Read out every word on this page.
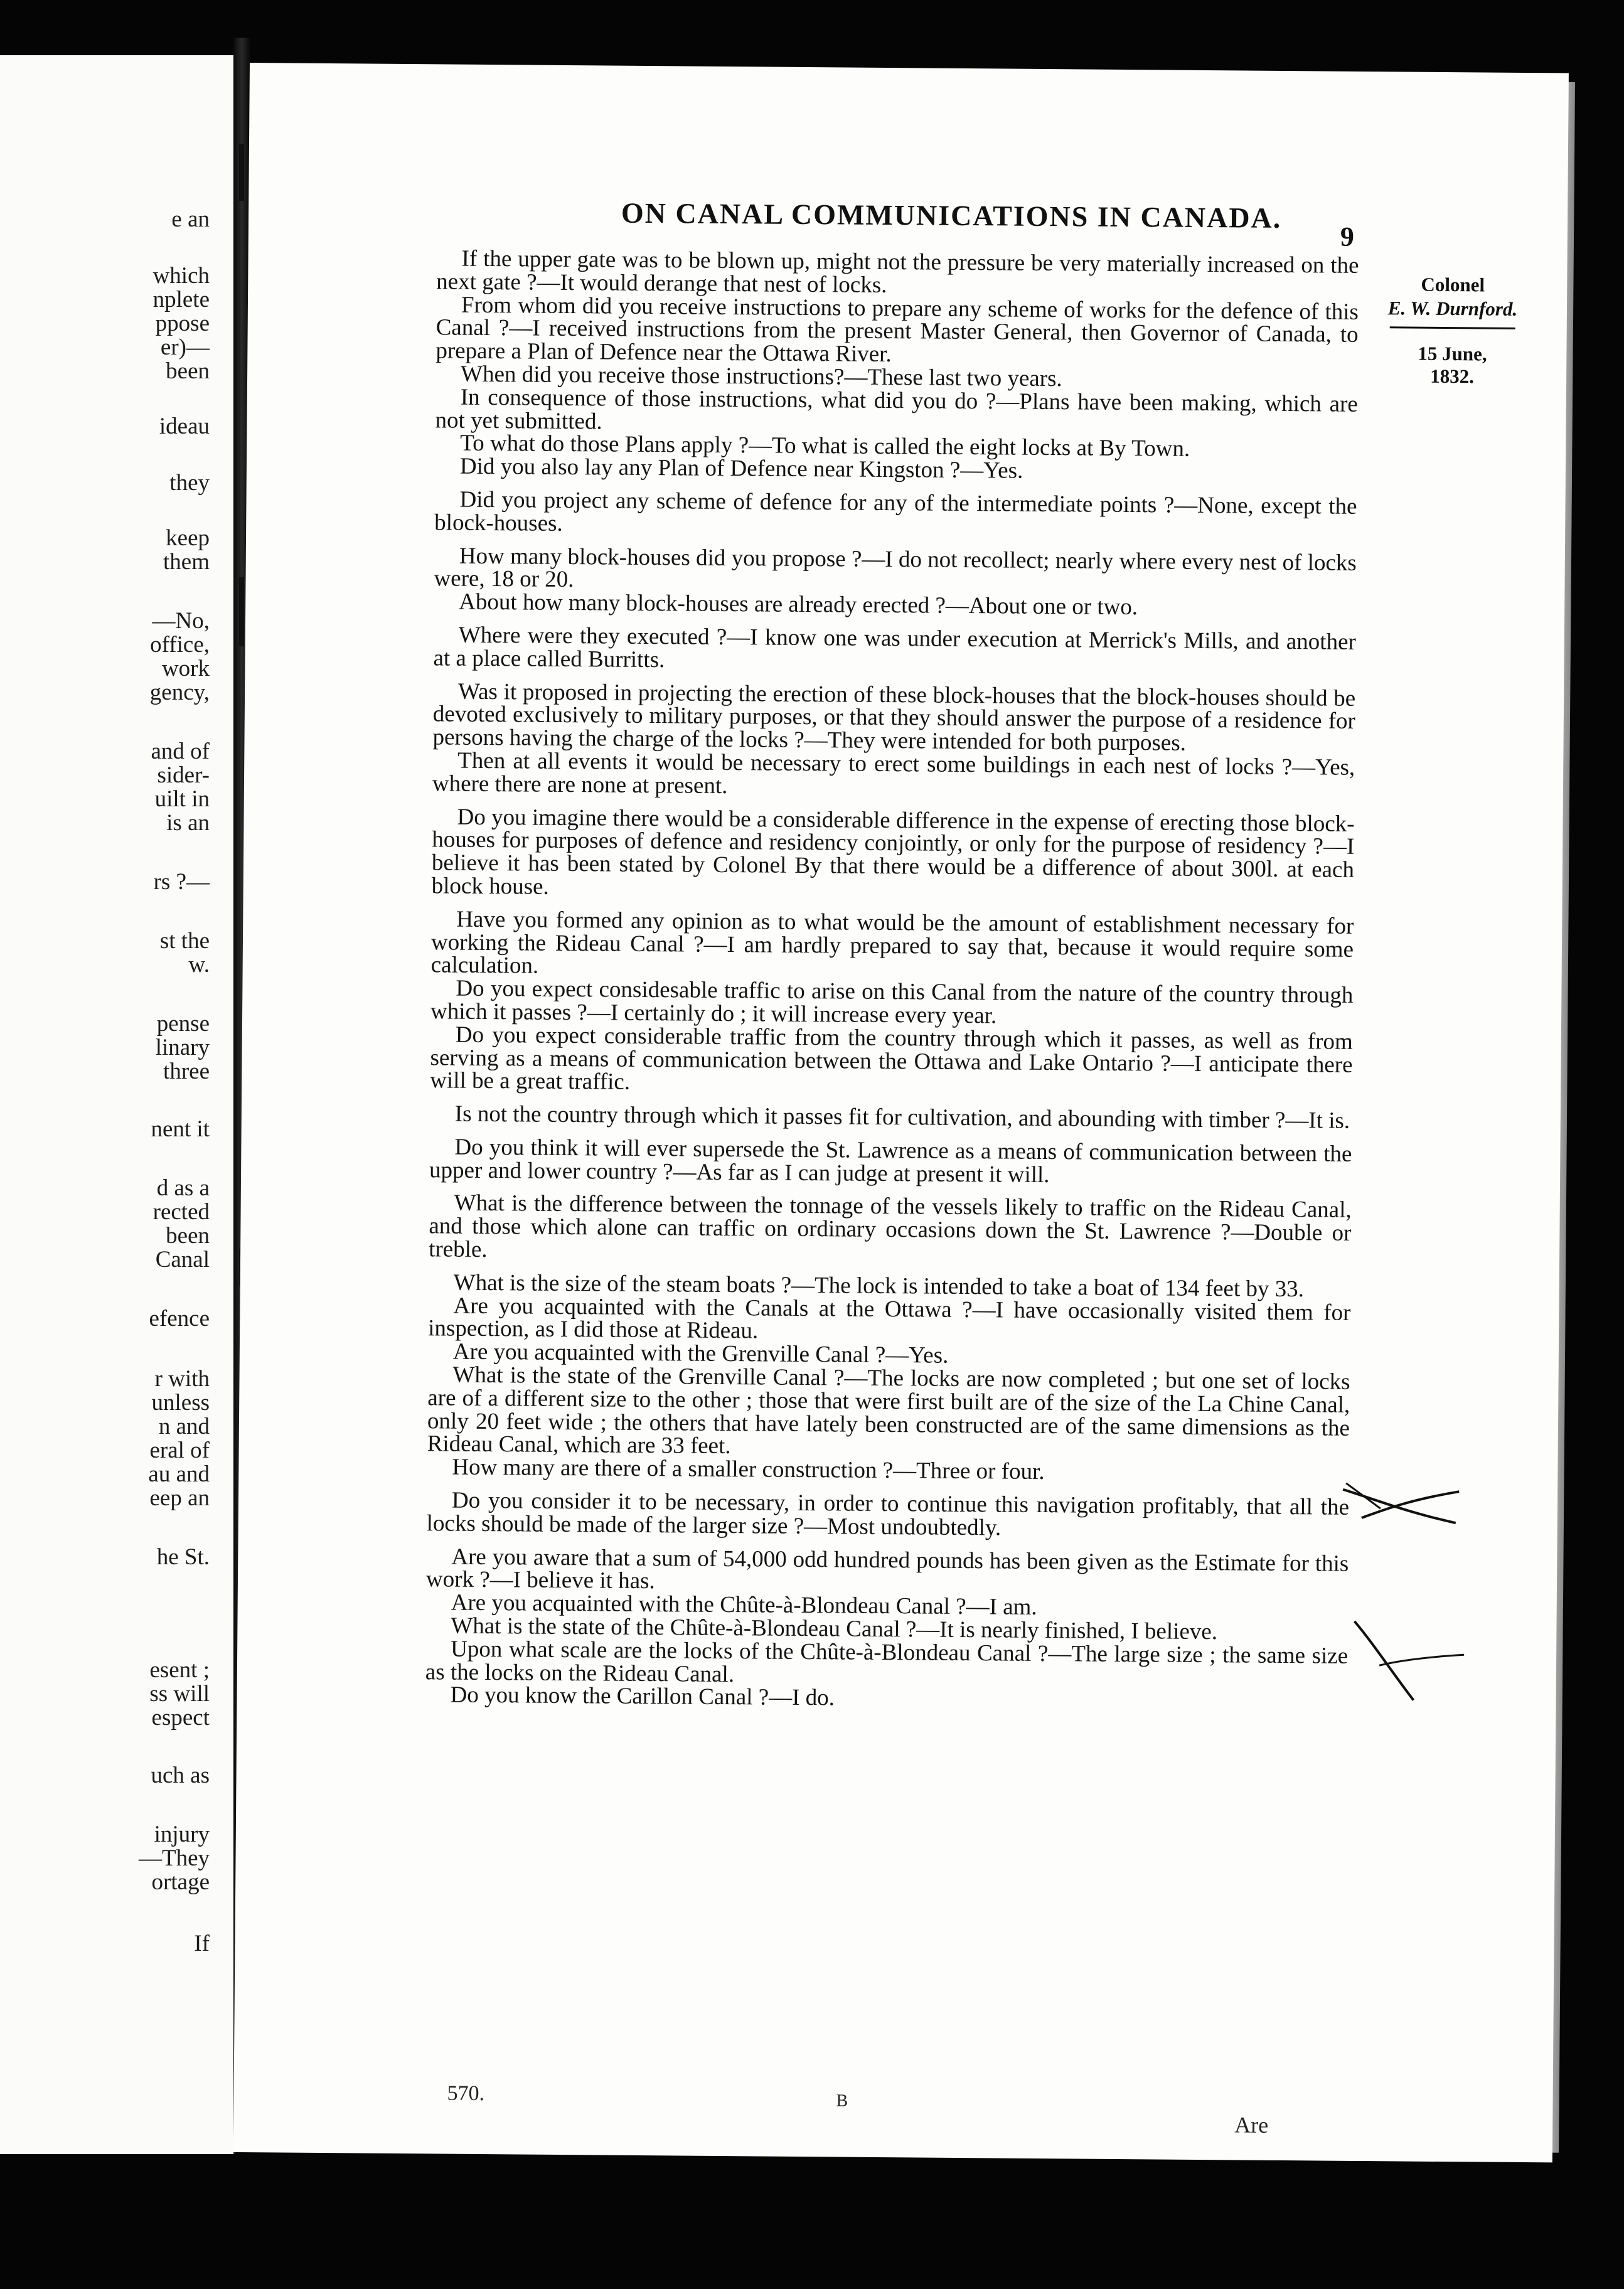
e an
which
nplete
ppose
er)—
been
ideau
they
keep
them
—No,
office,
work
gency,
and of
sider-
uilt in
is an
rs ?—
st the
w.
pense
linary
three
nent it
d as a
rected
been
Canal
efence
r with
unless
n and
eral of
au and
eep an
he St.
esent ;
ss will
espect
uch as
injury
—They
ortage
If
ON CANAL COMMUNICATIONS IN CANADA.
9
Colonel
E. W. Durnford.
15 June,
1832.

If the upper gate was to be blown up, might not the pressure be very materially increased on the next gate ?—It would derange that nest of locks.

From whom did you receive instructions to prepare any scheme of works for the defence of this Canal ?—I received instructions from the present Master General, then Governor of Canada, to prepare a Plan of Defence near the Ottawa River.

When did you receive those instructions?—These last two years.

In consequence of those instructions, what did you do ?—Plans have been making, which are not yet submitted.

To what do those Plans apply ?—To what is called the eight locks at By Town.

Did you also lay any Plan of Defence near Kingston ?—Yes.

Did you project any scheme of defence for any of the intermediate points ?—None, except the block-houses.

How many block-houses did you propose ?—I do not recollect; nearly where every nest of locks were, 18 or 20.

About how many block-houses are already erected ?—About one or two.

Where were they executed ?—I know one was under execution at Merrick's Mills, and another at a place called Burritts.

Was it proposed in projecting the erection of these block-houses that the block-houses should be devoted exclusively to military purposes, or that they should answer the purpose of a residence for persons having the charge of the locks ?—They were intended for both purposes.

Then at all events it would be necessary to erect some buildings in each nest of locks ?—Yes, where there are none at present.

Do you imagine there would be a considerable difference in the expense of erecting those block-houses for purposes of defence and residency conjointly, or only for the purpose of residency ?—I believe it has been stated by Colonel By that there would be a difference of about 300l. at each block house.

Have you formed any opinion as to what would be the amount of establishment necessary for working the Rideau Canal ?—I am hardly prepared to say that, because it would require some calculation.

Do you expect considesable traffic to arise on this Canal from the nature of the country through which it passes ?—I certainly do ; it will increase every year.

Do you expect considerable traffic from the country through which it passes, as well as from serving as a means of communication between the Ottawa and Lake Ontario ?—I anticipate there will be a great traffic.

Is not the country through which it passes fit for cultivation, and abounding with timber ?—It is.

Do you think it will ever supersede the St. Lawrence as a means of communication between the upper and lower country ?—As far as I can judge at present it will.

What is the difference between the tonnage of the vessels likely to traffic on the Rideau Canal, and those which alone can traffic on ordinary occasions down the St. Lawrence ?—Double or treble.

What is the size of the steam boats ?—The lock is intended to take a boat of 134 feet by 33.

Are you acquainted with the Canals at the Ottawa ?—I have occasionally visited them for inspection, as I did those at Rideau.

Are you acquainted with the Grenville Canal ?—Yes.

What is the state of the Grenville Canal ?—The locks are now completed ; but one set of locks are of a different size to the other ; those that were first built are of the size of the La Chine Canal, only 20 feet wide ; the others that have lately been constructed are of the same dimensions as the Rideau Canal, which are 33 feet.

How many are there of a smaller construction ?—Three or four.

Do you consider it to be necessary, in order to continue this navigation profitably, that all the locks should be made of the larger size ?—Most undoubtedly.

Are you aware that a sum of 54,000 odd hundred pounds has been given as the Estimate for this work ?—I believe it has.

Are you acquainted with the Chûte-à-Blondeau Canal ?—I am.

What is the state of the Chûte-à-Blondeau Canal ?—It is nearly finished, I believe.

Upon what scale are the locks of the Chûte-à-Blondeau Canal ?—The large size ; the same size as the locks on the Rideau Canal.

Do you know the Carillon Canal ?—I do.

570.	B
Are
